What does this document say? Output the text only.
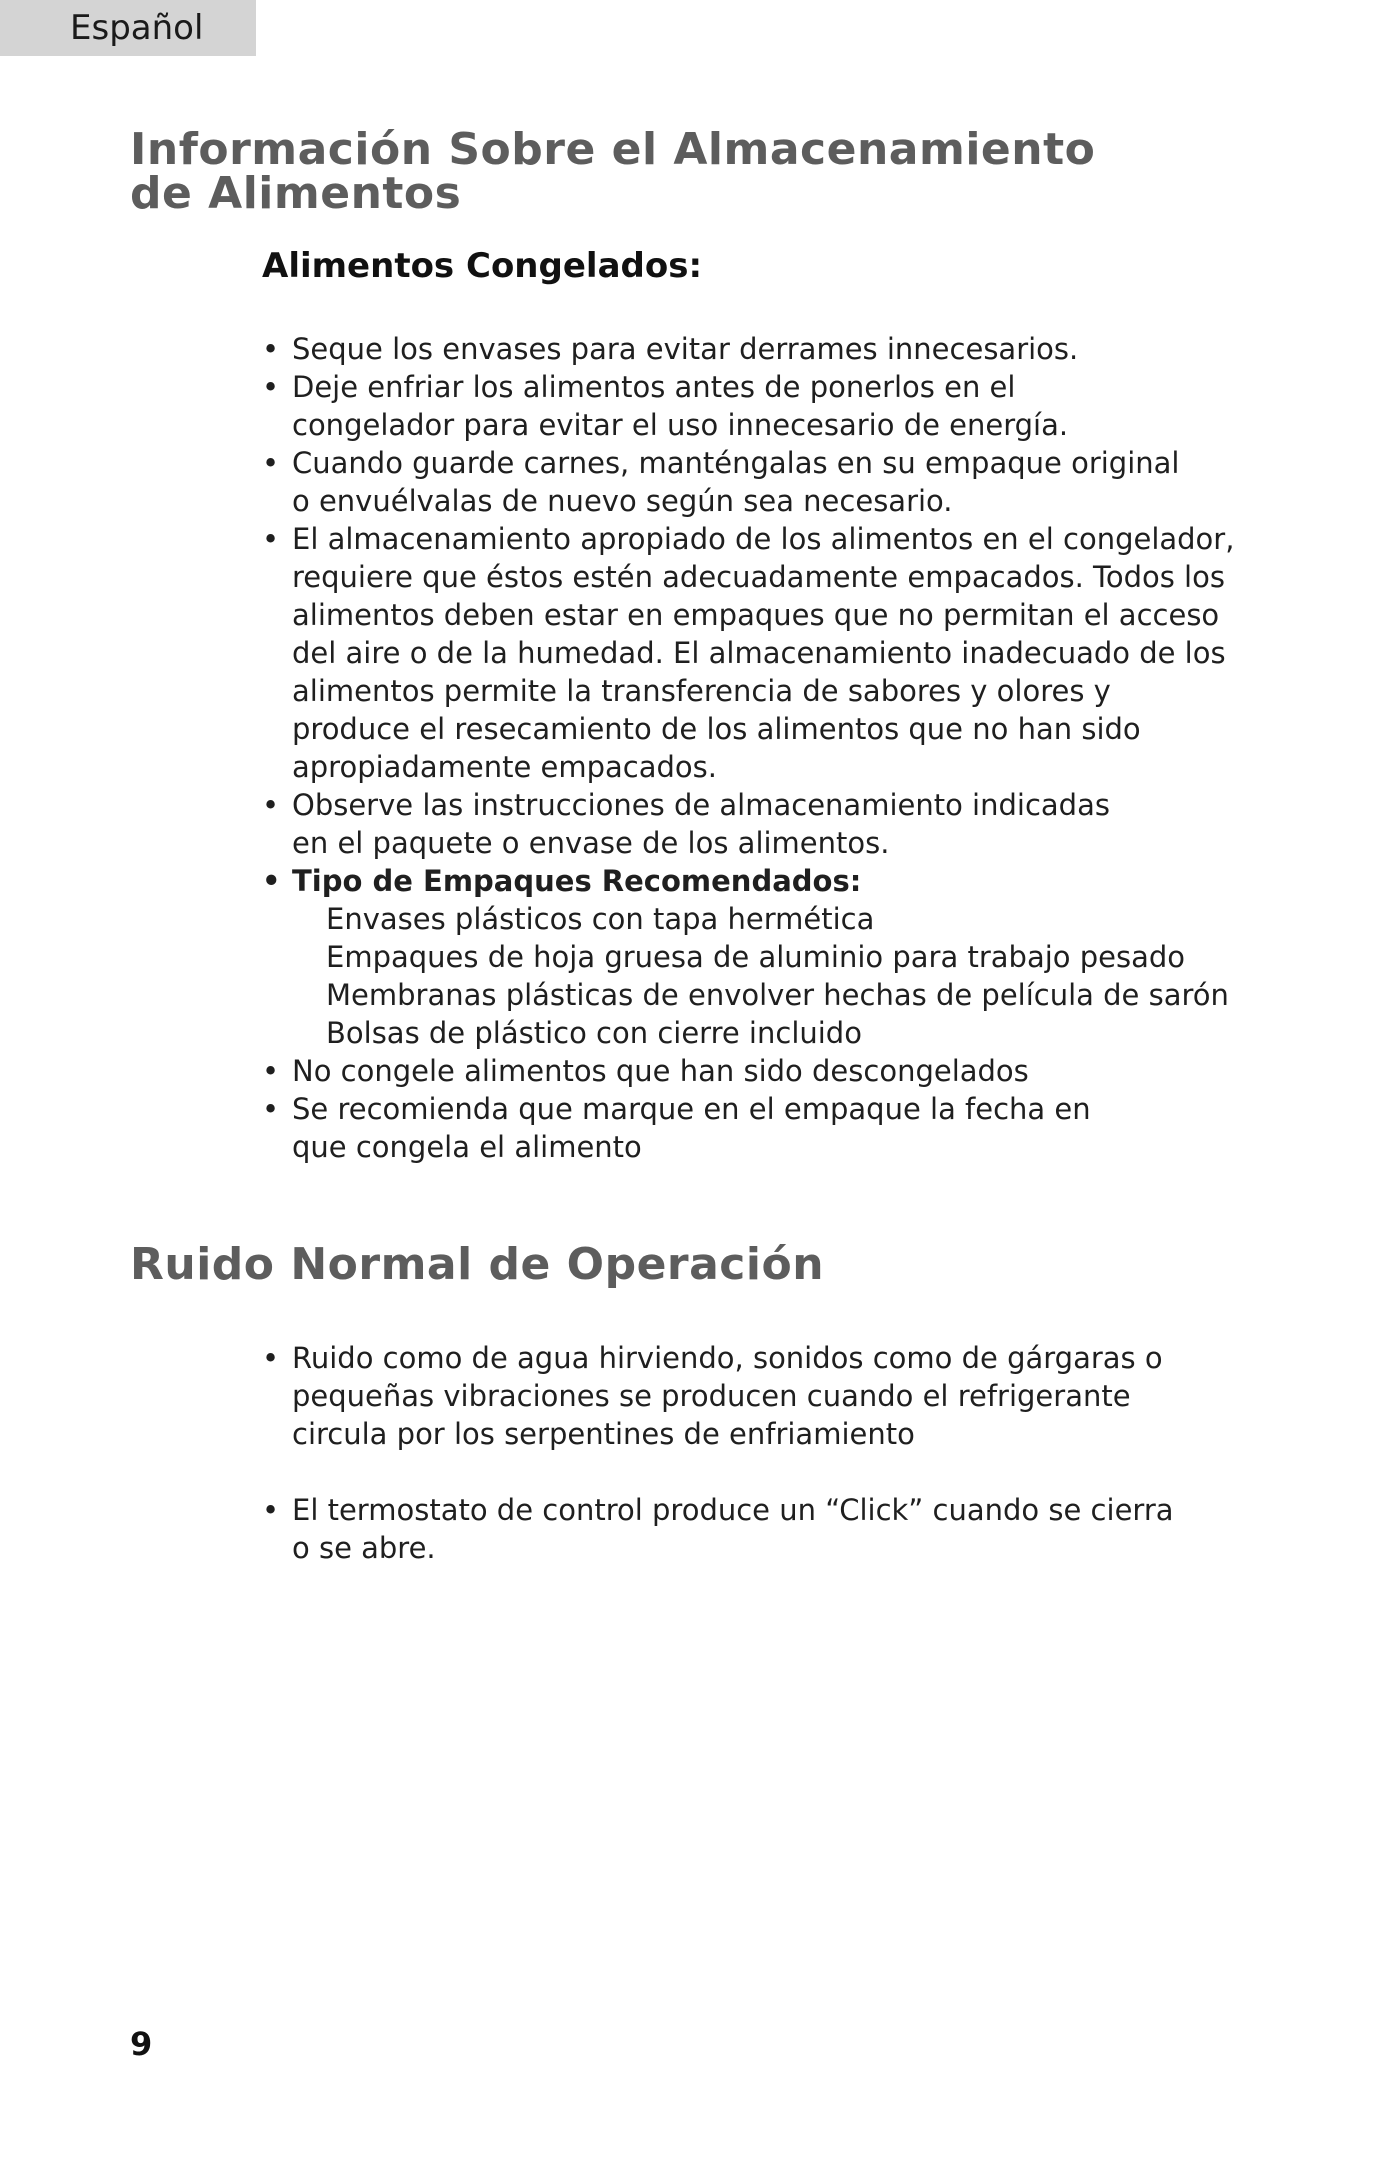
Español
Información Sobre el Almacenamiento
de Alimentos
Alimentos Congelados:
• Seque los envases para evitar derrames innecesarios.
• Deje enfriar los alimentos antes de ponerlos en el
congelador para evitar el uso innecesario de energía.
• Cuando guarde carnes, manténgalas en su empaque original
o envuélvalas de nuevo según sea necesario.
• El almacenamiento apropiado de los alimentos en el congelador,
requiere que éstos estén adecuadamente empacados. Todos los
alimentos deben estar en empaques que no permitan el acceso
del aire o de la humedad. El almacenamiento inadecuado de los
alimentos permite la transferencia de sabores y olores y
produce el resecamiento de los alimentos que no han sido
apropiadamente empacados.
• Observe las instrucciones de almacenamiento indicadas
en el paquete o envase de los alimentos.
• Tipo de Empaques Recomendados:
Envases plásticos con tapa hermética
Empaques de hoja gruesa de aluminio para trabajo pesado
Membranas plásticas de envolver hechas de película de sarón
Bolsas de plástico con cierre incluido
• No congele alimentos que han sido descongelados
• Se recomienda que marque en el empaque la fecha en
que congela el alimento
Ruido Normal de Operación
• Ruido como de agua hirviendo, sonidos como de gárgaras o
pequeñas vibraciones se producen cuando el refrigerante
circula por los serpentines de enfriamiento
• El termostato de control produce un “Click” cuando se cierra
o se abre.
9
